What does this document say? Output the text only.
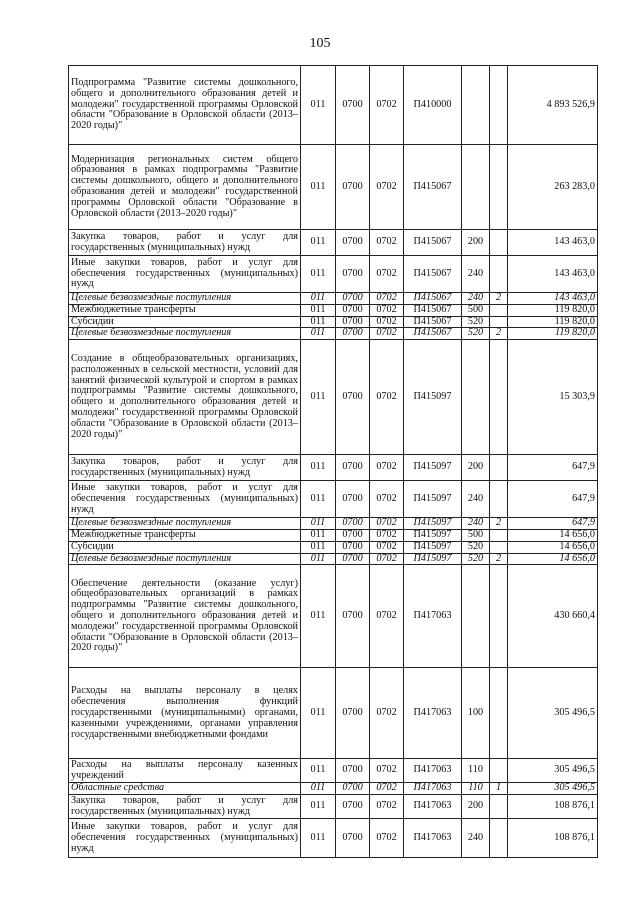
105
Подпрограмма "Развитие системы дошкольного, общего и дополнительного образования детей и молодежи" государственной программы Орловской области "Образование в Орловской области (2013–2020 годы)"	011	0700	0702	П410000			4 893 526,9
Модернизация региональных систем общего образования в рамках подпрограммы "Развитие системы дошкольного, общего и дополнительного образования детей и молодежи" государственной программы Орловской области "Образование в Орловской области (2013–2020 годы)"	011	0700	0702	П415067			263 283,0
Закупка товаров, работ и услуг для государственных (муниципальных) нужд	011	0700	0702	П415067	200		143 463,0
Иные закупки товаров, работ и услуг для обеспечения государственных (муниципальных) нужд	011	0700	0702	П415067	240		143 463,0
Целевые безвозмездные поступления	011	0700	0702	П415067	240	2	143 463,0
Межбюджетные трансферты	011	0700	0702	П415067	500		119 820,0
Субсидии	011	0700	0702	П415067	520		119 820,0
Целевые безвозмездные поступления	011	0700	0702	П415067	520	2	119 820,0
Создание в общеобразовательных организациях, расположенных в сельской местности, условий для занятий физической культурой и спортом в рамках подпрограммы "Развитие системы дошкольного, общего и дополнительного образования детей и молодежи" государственной программы Орловской области "Образование в Орловской области (2013–2020 годы)"	011	0700	0702	П415097			15 303,9
Закупка товаров, работ и услуг для государственных (муниципальных) нужд	011	0700	0702	П415097	200		647,9
Иные закупки товаров, работ и услуг для обеспечения государственных (муниципальных) нужд	011	0700	0702	П415097	240		647,9
Целевые безвозмездные поступления	011	0700	0702	П415097	240	2	647,9
Межбюджетные трансферты	011	0700	0702	П415097	500		14 656,0
Субсидии	011	0700	0702	П415097	520		14 656,0
Целевые безвозмездные поступления	011	0700	0702	П415097	520	2	14 656,0
Обеспечение деятельности (оказание услуг) общеобразовательных организаций в рамках подпрограммы "Развитие системы дошкольного, общего и дополнительного образования детей и молодежи" государственной программы Орловской области "Образование в Орловской области (2013–2020 годы)"	011	0700	0702	П417063			430 660,4
Расходы на выплаты персоналу в целях обеспечения выполнения функций государственными (муниципальными) органами, казенными учреждениями, органами управления государственными внебюджетными фондами	011	0700	0702	П417063	100		305 496,5
Расходы на выплаты персоналу казенных учреждений	011	0700	0702	П417063	110		305 496,5
Областные средства	011	0700	0702	П417063	110	1	305 496,5
Закупка товаров, работ и услуг для государственных (муниципальных) нужд	011	0700	0702	П417063	200		108 876,1
Иные закупки товаров, работ и услуг для обеспечения государственных (муниципальных) нужд	011	0700	0702	П417063	240		108 876,1
